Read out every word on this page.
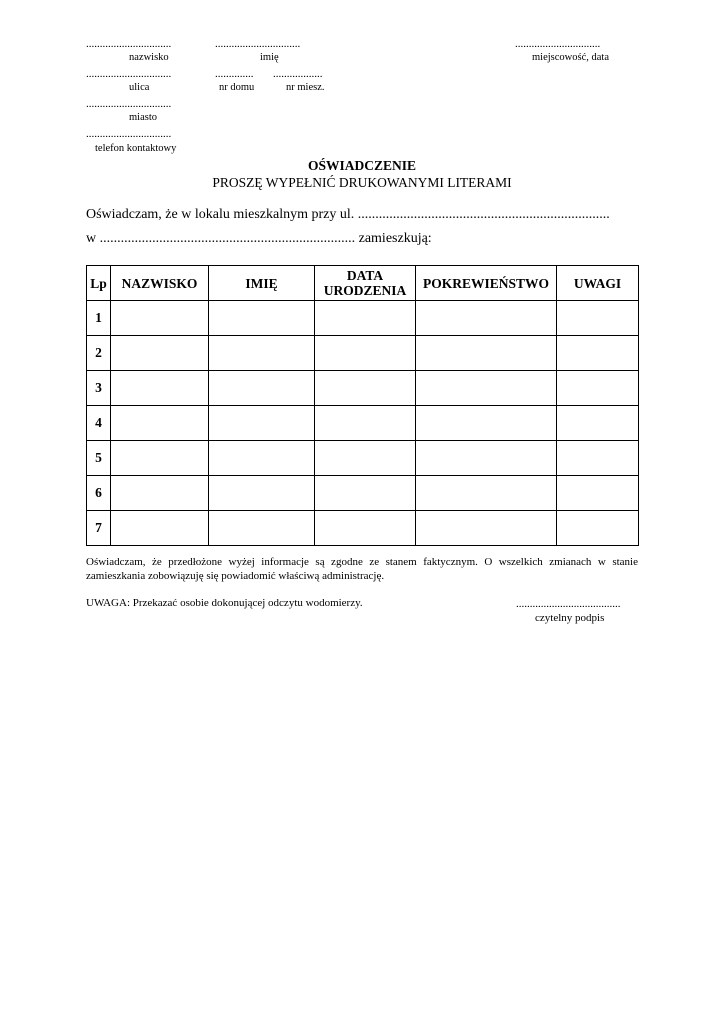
...............................
nazwisko
...............................
imię
...............................
miejscowość, data
...............................
ulica
..............
nr domu
..................
nr miesz.
...............................
miasto
...............................
telefon kontaktowy
OŚWIADCZENIE
PROSZĘ WYPEŁNIĆ DRUKOWANYMI LITERAMI
Oświadczam, że w lokalu mieszkalnym przy ul. ........................................................................
w ......................................................................... zamieszkują:
Lp	NAZWISKO	IMIĘ	DATA URODZENIA	POKREWIEŃSTWO	UWAGI
1					
2					
3					
4					
5					
6					
7					
Oświadczam, że przedłożone wyżej informacje są zgodne ze stanem faktycznym. O wszelkich zmianach w stanie zamieszkania zobowiązuję się powiadomić właściwą administrację.
UWAGA: Przekazać osobie dokonującej odczytu wodomierzy.	......................................
czytelny podpis
